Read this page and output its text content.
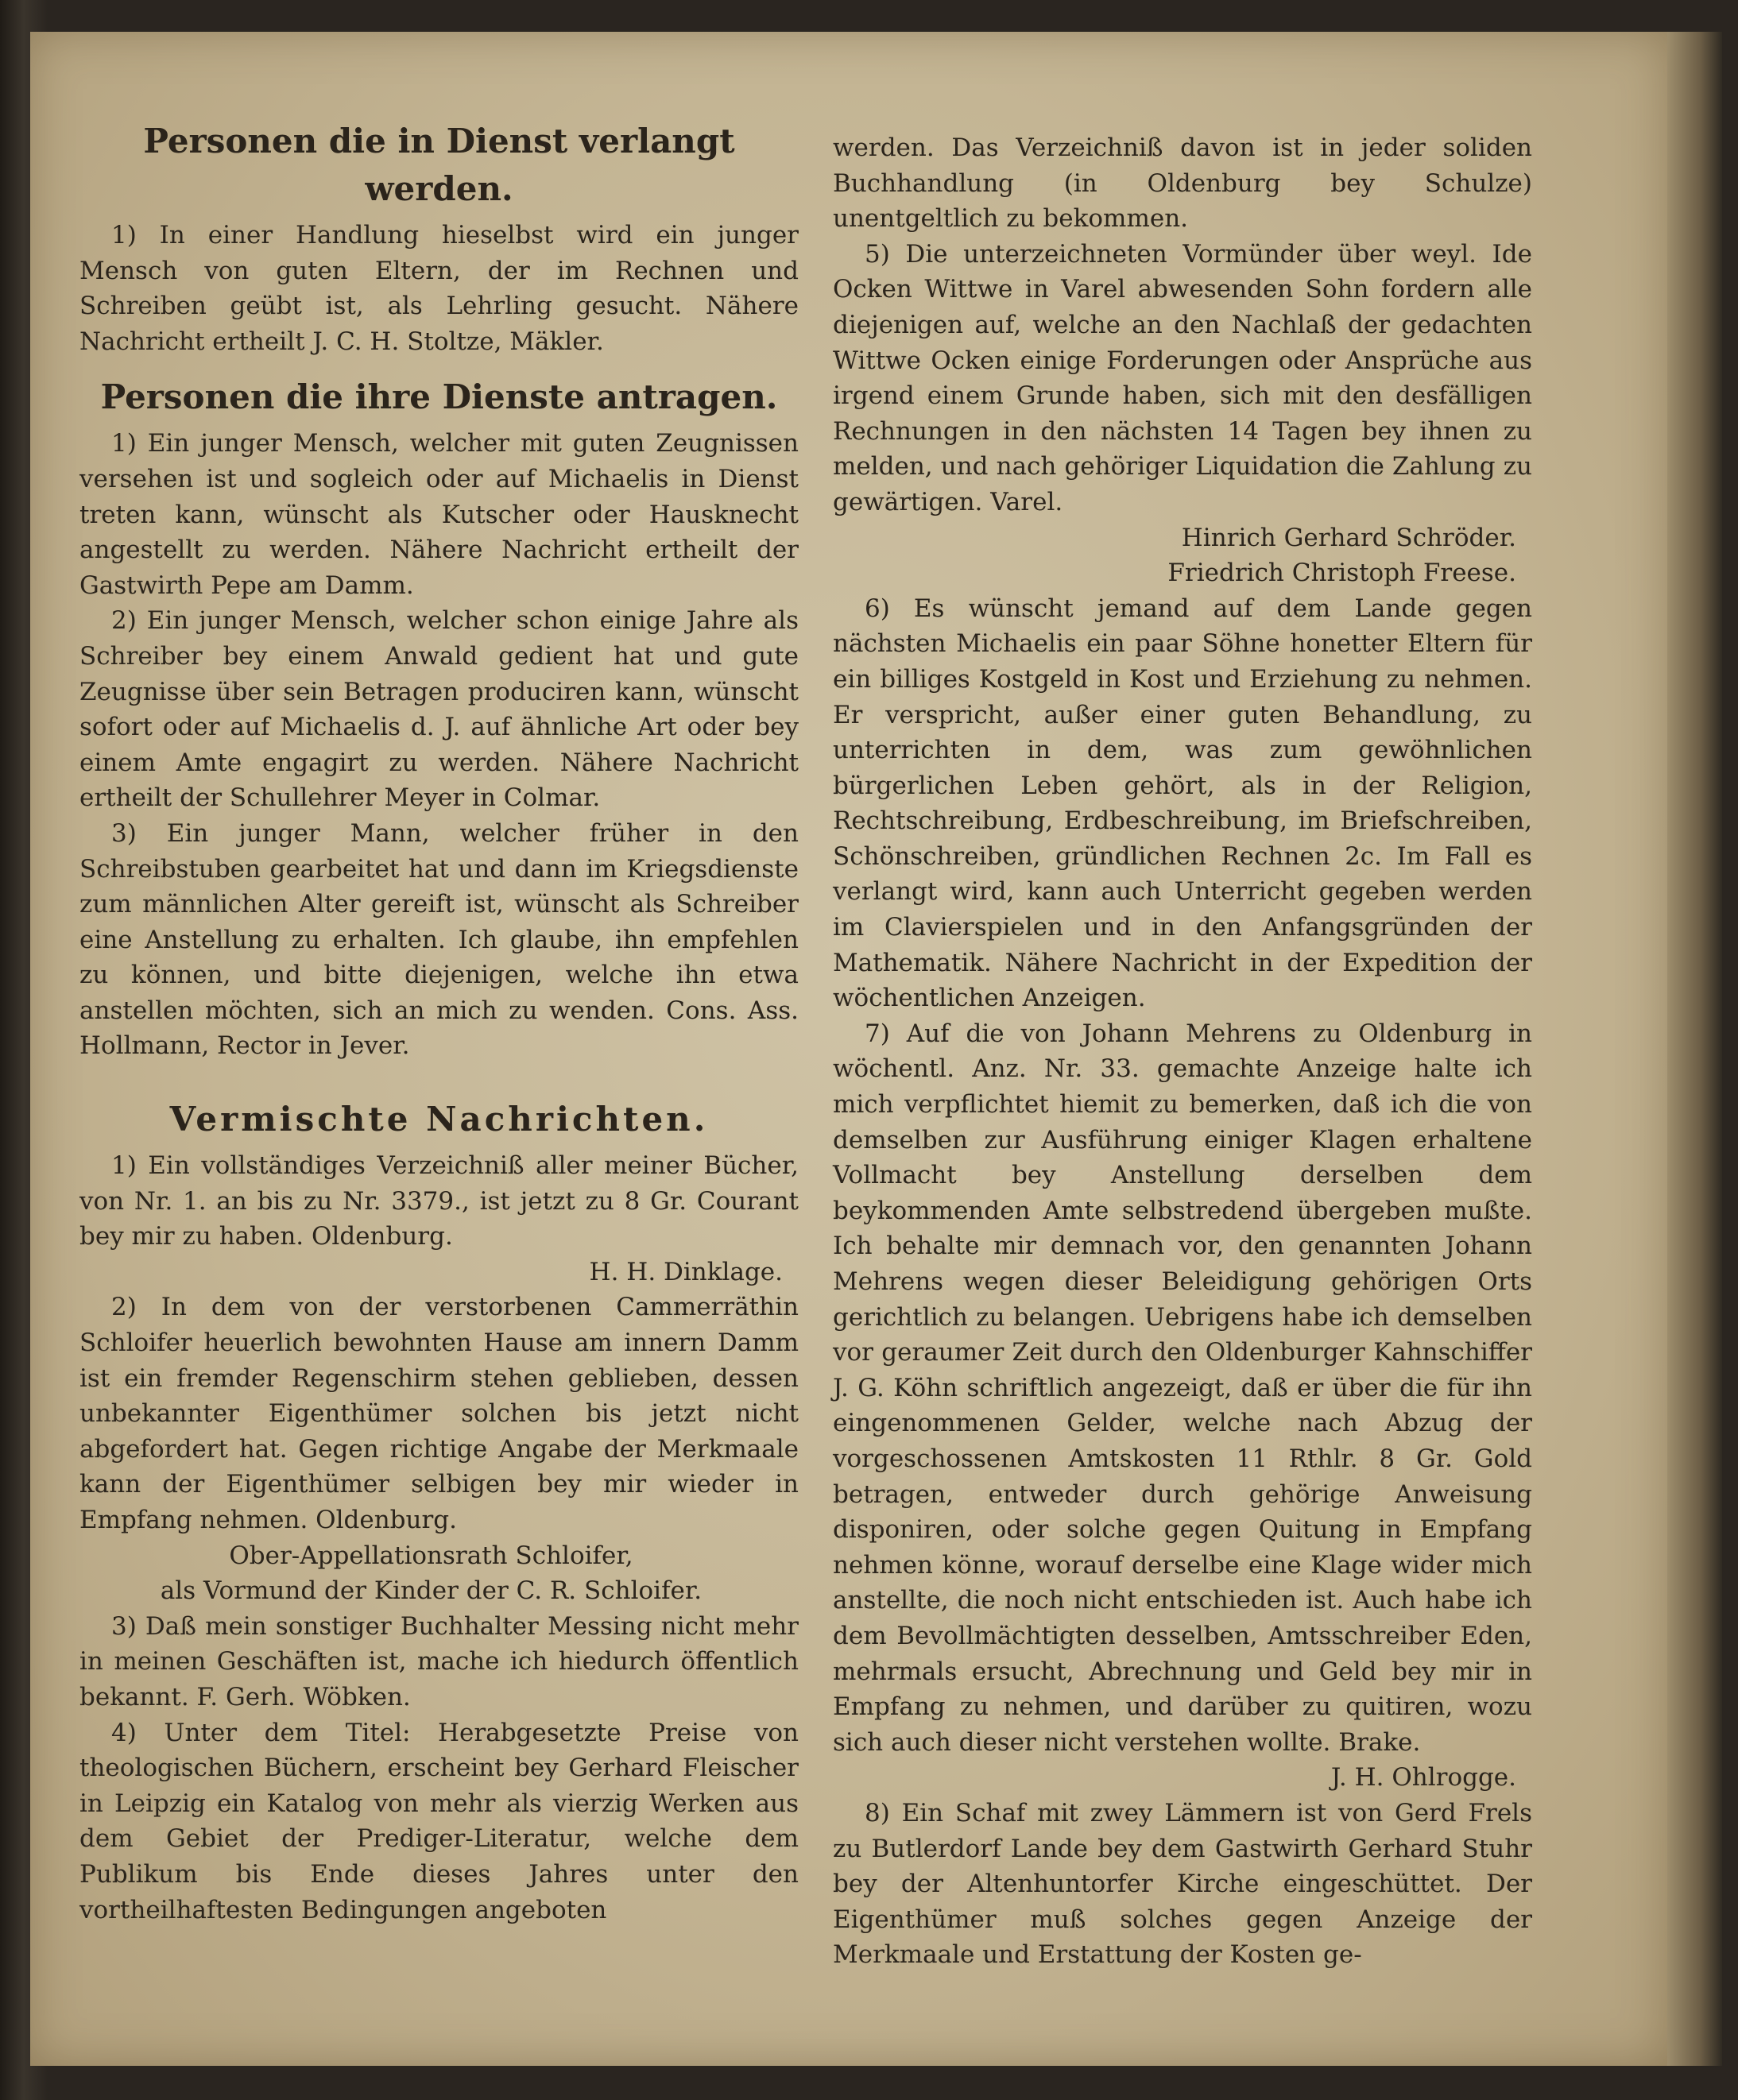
Personen die in Dienst verlangt werden.

1) In einer Handlung hieselbst wird ein junger Mensch von guten Eltern, der im Rechnen und Schreiben geübt ist, als Lehrling gesucht. Nähere Nachricht ertheilt J. C. H. Stoltze, Mäkler.

Personen die ihre Dienste antragen.

1) Ein junger Mensch, welcher mit guten Zeugnissen versehen ist und sogleich oder auf Michaelis in Dienst treten kann, wünscht als Kutscher oder Hausknecht angestellt zu werden. Nähere Nachricht ertheilt der Gastwirth Pepe am Damm.

2) Ein junger Mensch, welcher schon einige Jahre als Schreiber bey einem Anwald gedient hat und gute Zeugnisse über sein Betragen produciren kann, wünscht sofort oder auf Michaelis d. J. auf ähnliche Art oder bey einem Amte engagirt zu werden. Nähere Nachricht ertheilt der Schullehrer Meyer in Colmar.

3) Ein junger Mann, welcher früher in den Schreibstuben gearbeitet hat und dann im Kriegsdienste zum männlichen Alter gereift ist, wünscht als Schreiber eine Anstellung zu erhalten. Ich glaube, ihn empfehlen zu können, und bitte diejenigen, welche ihn etwa anstellen möchten, sich an mich zu wenden. Cons. Ass. Hollmann, Rector in Jever.

Vermischte Nachrichten.

1) Ein vollständiges Verzeichniß aller meiner Bücher, von Nr. 1. an bis zu Nr. 3379., ist jetzt zu 8 Gr. Courant bey mir zu haben. Oldenburg.

H. H. Dinklage.

2) In dem von der verstorbenen Cammerräthin Schloifer heuerlich bewohnten Hause am innern Damm ist ein fremder Regenschirm stehen geblieben, dessen unbekannter Eigenthümer solchen bis jetzt nicht abgefordert hat. Gegen richtige Angabe der Merkmaale kann der Eigenthümer selbigen bey mir wieder in Empfang nehmen. Oldenburg.

Ober-Appellationsrath Schloifer,

als Vormund der Kinder der C. R. Schloifer.

3) Daß mein sonstiger Buchhalter Messing nicht mehr in meinen Geschäften ist, mache ich hiedurch öffentlich bekannt. F. Gerh. Wöbken.

4) Unter dem Titel: Herabgesetzte Preise von theologischen Büchern, erscheint bey Gerhard Fleischer in Leipzig ein Katalog von mehr als vierzig Werken aus dem Gebiet der Prediger-Literatur, welche dem Publikum bis Ende dieses Jahres unter den vortheilhaftesten Bedingungen angeboten

werden. Das Verzeichniß davon ist in jeder soliden Buchhandlung (in Oldenburg bey Schulze) unentgeltlich zu bekommen.

5) Die unterzeichneten Vormünder über weyl. Ide Ocken Wittwe in Varel abwesenden Sohn fordern alle diejenigen auf, welche an den Nachlaß der gedachten Wittwe Ocken einige Forderungen oder Ansprüche aus irgend einem Grunde haben, sich mit den desfälligen Rechnungen in den nächsten 14 Tagen bey ihnen zu melden, und nach gehöriger Liquidation die Zahlung zu gewärtigen. Varel.

Hinrich Gerhard Schröder.

Friedrich Christoph Freese.

6) Es wünscht jemand auf dem Lande gegen nächsten Michaelis ein paar Söhne honetter Eltern für ein billiges Kostgeld in Kost und Erziehung zu nehmen. Er verspricht, außer einer guten Behandlung, zu unterrichten in dem, was zum gewöhnlichen bürgerlichen Leben gehört, als in der Religion, Rechtschreibung, Erdbeschreibung, im Briefschreiben, Schönschreiben, gründlichen Rechnen 2c. Im Fall es verlangt wird, kann auch Unterricht gegeben werden im Clavierspielen und in den Anfangsgründen der Mathematik. Nähere Nachricht in der Expedition der wöchentlichen Anzeigen.

7) Auf die von Johann Mehrens zu Oldenburg in wöchentl. Anz. Nr. 33. gemachte Anzeige halte ich mich verpflichtet hiemit zu bemerken, daß ich die von demselben zur Ausführung einiger Klagen erhaltene Vollmacht bey Anstellung derselben dem beykommenden Amte selbstredend übergeben mußte. Ich behalte mir demnach vor, den genannten Johann Mehrens wegen dieser Beleidigung gehörigen Orts gerichtlich zu belangen. Uebrigens habe ich demselben vor geraumer Zeit durch den Oldenburger Kahnschiffer J. G. Köhn schriftlich angezeigt, daß er über die für ihn eingenommenen Gelder, welche nach Abzug der vorgeschossenen Amtskosten 11 Rthlr. 8 Gr. Gold betragen, entweder durch gehörige Anweisung disponiren, oder solche gegen Quitung in Empfang nehmen könne, worauf derselbe eine Klage wider mich anstellte, die noch nicht entschieden ist. Auch habe ich dem Bevollmächtigten desselben, Amtsschreiber Eden, mehrmals ersucht, Abrechnung und Geld bey mir in Empfang zu nehmen, und darüber zu quitiren, wozu sich auch dieser nicht verstehen wollte. Brake.

J. H. Ohlrogge.

8) Ein Schaf mit zwey Lämmern ist von Gerd Frels zu Butlerdorf Lande bey dem Gastwirth Gerhard Stuhr bey der Altenhuntorfer Kirche eingeschüttet. Der Eigenthümer muß solches gegen Anzeige der Merkmaale und Erstattung der Kosten ge-
